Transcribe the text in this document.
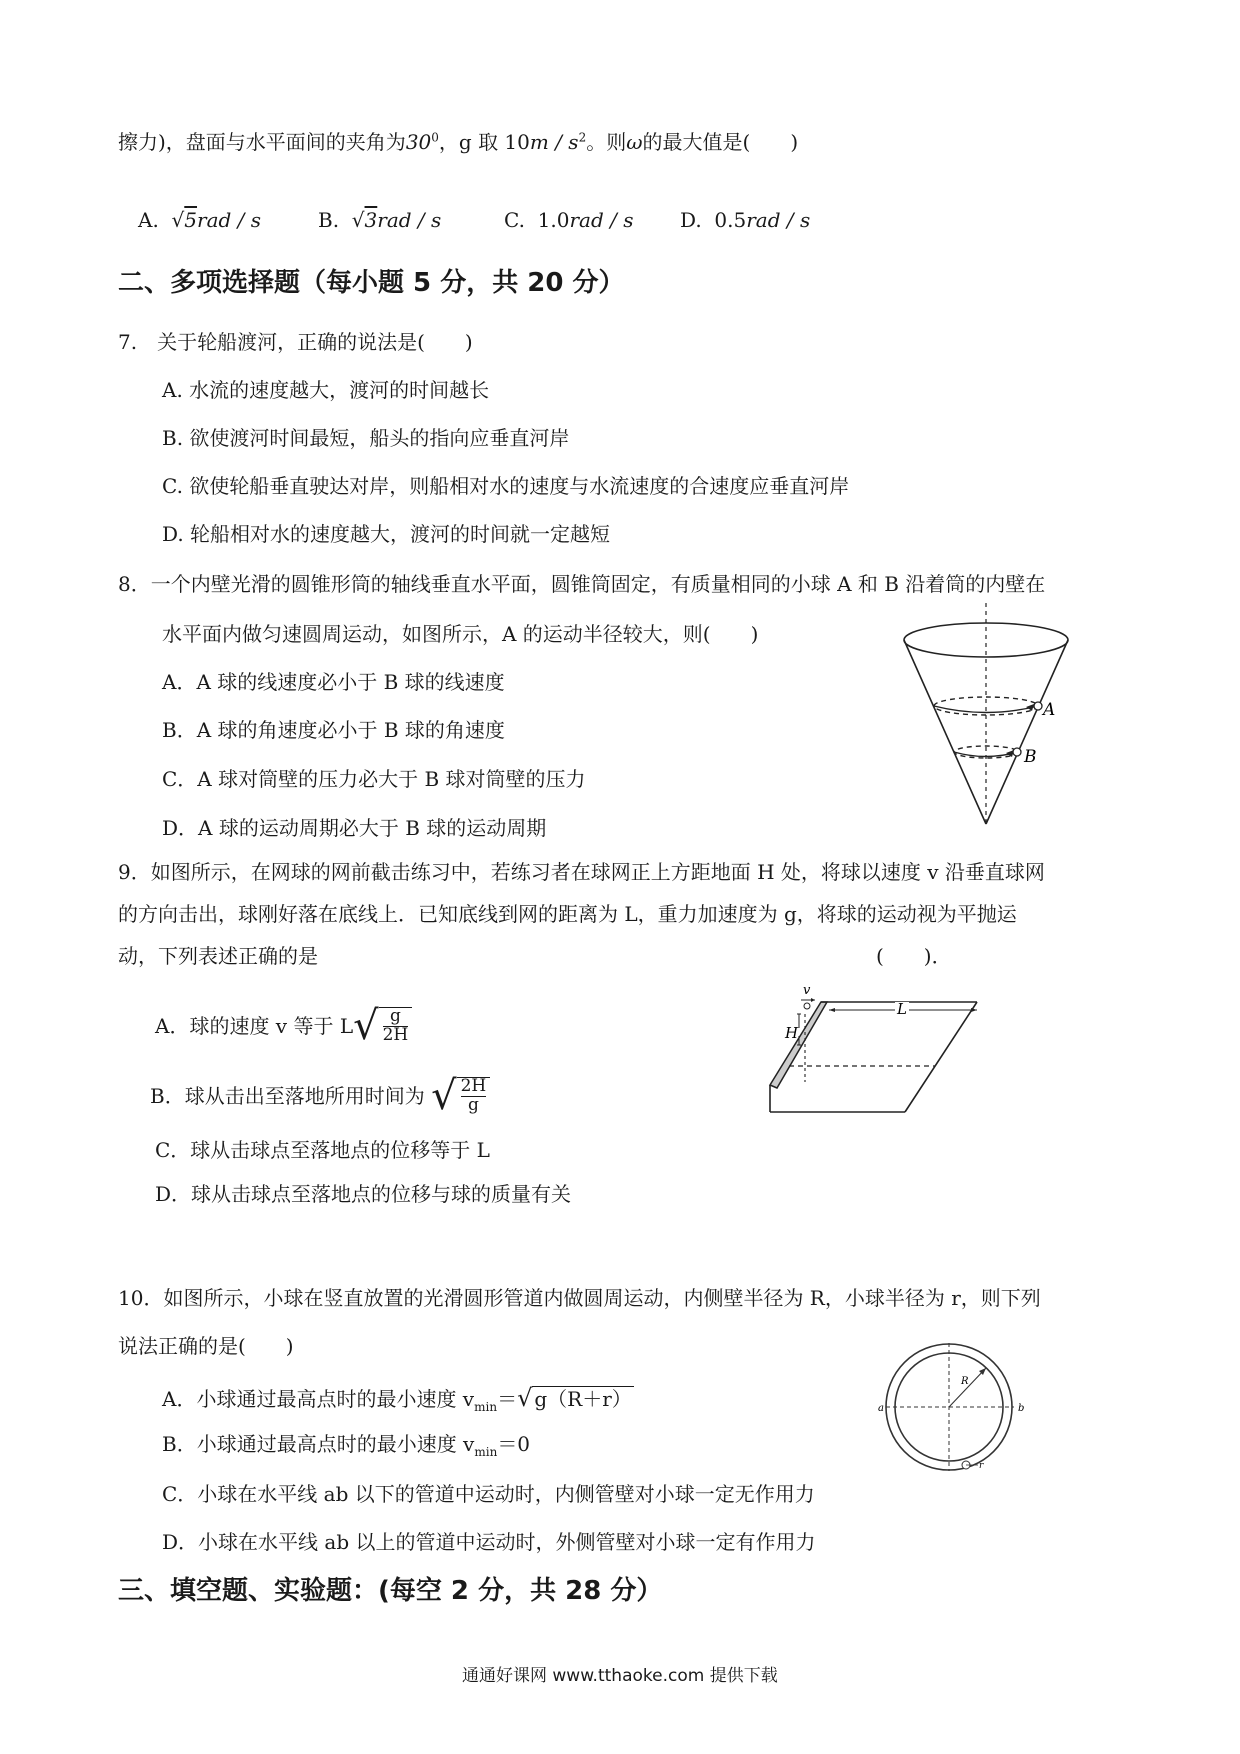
擦力)，盘面与水平面间的夹角为$30^0$，g 取 $10m / s^2$。则ω的最大值是(　　)
A.  √5rad / s	B.  √3rad / s	C. 1.0rad / s D. 0.5rad / s
二、多项选择题（每小题 5 分，共 20 分）
7.　关于轮船渡河，正确的说法是(　　)
A. 水流的速度越大，渡河的时间越长
B. 欲使渡河时间最短，船头的指向应垂直河岸
C. 欲使轮船垂直驶达对岸，则船相对水的速度与水流速度的合速度应垂直河岸
D. 轮船相对水的速度越大，渡河的时间就一定越短
8．一个内壁光滑的圆锥形筒的轴线垂直水平面，圆锥筒固定，有质量相同的小球 A 和 B 沿着筒的内壁在
水平面内做匀速圆周运动，如图所示，A 的运动半径较大，则(　　)
A．A 球的线速度必小于 B 球的线速度
B．A 球的角速度必小于 B 球的角速度
C．A 球对筒壁的压力必大于 B 球对筒壁的压力
D．A 球的运动周期必大于 B 球的运动周期
A
B
9．如图所示，在网球的网前截击练习中，若练习者在球网正上方距地面 H 处，将球以速度 v 沿垂直球网
的方向击出，球刚好落在底线上．已知底线到网的距离为 L，重力加速度为 g，将球的运动视为平抛运
动，下列表述正确的是	(　　)．
A．球的速度 v 等于 $L√\frac{g}{2H}$
B．球从击出至落地所用时间为 $√\frac{2H}{g}$
C．球从击球点至落地点的位移等于 L
D．球从击球点至落地点的位移与球的质量有关
H
v
L
10．如图所示，小球在竖直放置的光滑圆形管道内做圆周运动，内侧壁半径为 R，小球半径为 r，则下列
说法正确的是(　　)
A．小球通过最高点时的最小速度 $v_{min}=√$ g（R＋r）
B．小球通过最高点时的最小速度 $v_{min}=0$
C．小球在水平线 ab 以下的管道中运动时，内侧管壁对小球一定无作用力
D．小球在水平线 ab 以上的管道中运动时，外侧管壁对小球一定有作用力
R
a	b
r
三、填空题、实验题：(每空 2 分，共 28 分）
通通好课网 www.tthaoke.com 提供下载
